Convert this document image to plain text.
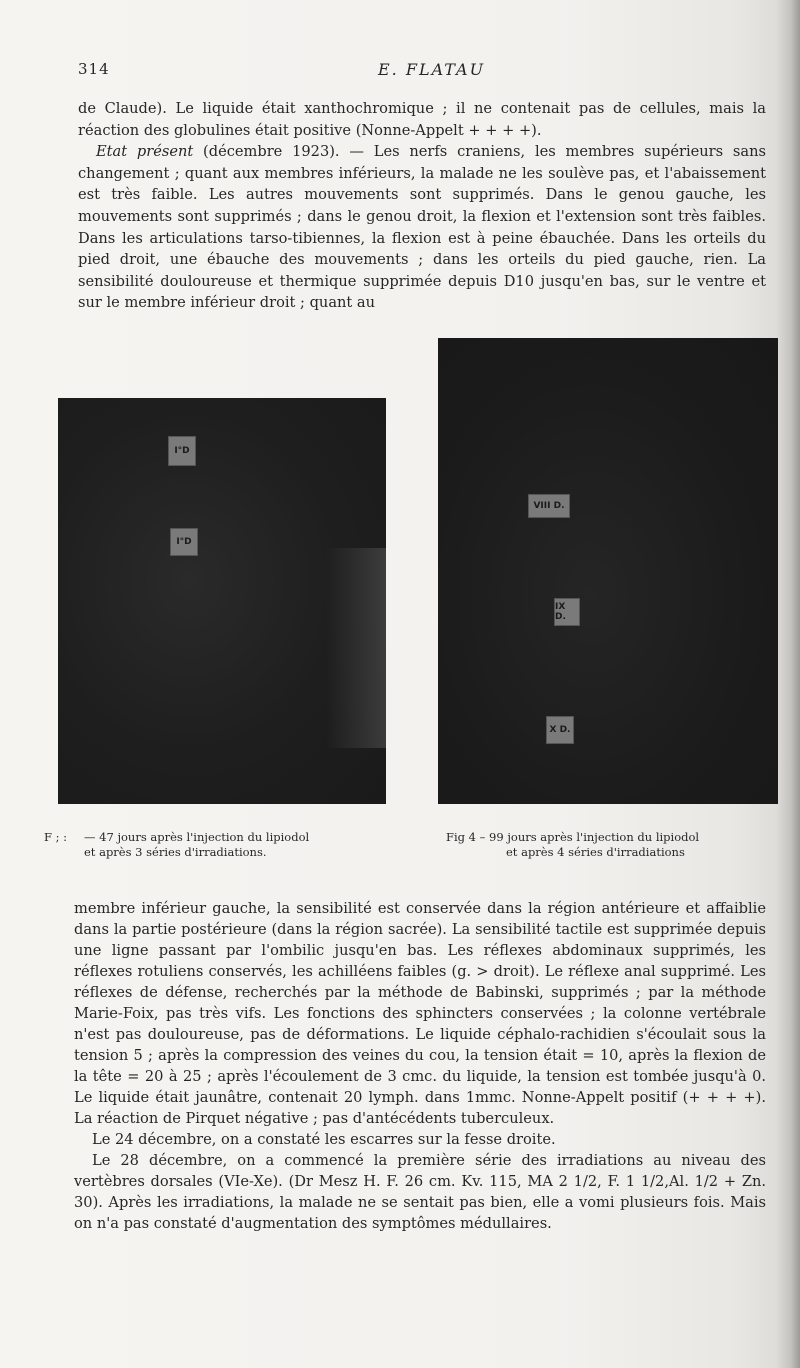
314	E. FLATAU

de Claude). Le liquide était xanthochromique ; il ne contenait pas de cellules, mais la réaction des globulines était positive (Nonne-Appelt + + + +).

Etat présent (décembre 1923). — Les nerfs craniens, les membres supérieurs sans changement ; quant aux membres inférieurs, la malade ne les soulève pas, et l'abaissement est très faible. Les autres mouvements sont supprimés. Dans le genou gauche, les mouvements sont supprimés ; dans le genou droit, la flexion et l'extension sont très faibles. Dans les articulations tarso-tibiennes, la flexion est à peine ébauchée. Dans les orteils du pied droit, une ébauche des mouvements ; dans les orteils du pied gauche, rien. La sensibilité douloureuse et thermique supprimée depuis D10 jusqu'en bas, sur le ventre et sur le membre inférieur droit ; quant au

I°D
I°D
VIII D.
IX D.
X D.
F ; :	— 47 jours après l'injection du lipiodol
et après 3 séries d'irradiations.
Fig 4 – 99 jours après l'injection du lipiodol
et après 4 séries d'irradiations

membre inférieur gauche, la sensibilité est conservée dans la région antérieure et affaiblie dans la partie postérieure (dans la région sacrée). La sensibilité tactile est supprimée depuis une ligne passant par l'ombilic jusqu'en bas. Les réflexes abdominaux supprimés, les réflexes rotuliens conservés, les achilléens faibles (g. > droit). Le réflexe anal supprimé. Les réflexes de défense, recherchés par la méthode de Babinski, supprimés ; par la méthode Marie-Foix, pas très vifs. Les fonctions des sphincters conservées ; la colonne vertébrale n'est pas douloureuse, pas de déformations. Le liquide céphalo-rachidien s'écoulait sous la tension 5 ; après la compression des veines du cou, la tension était = 10, après la flexion de la tête = 20 à 25 ; après l'écoulement de 3 cmc. du liquide, la tension est tombée jusqu'à 0. Le liquide était jaunâtre, contenait 20 lymph. dans 1mmc. Nonne-Appelt positif (+ + + +). La réaction de Pirquet négative ; pas d'antécédents tuberculeux.

Le 24 décembre, on a constaté les escarres sur la fesse droite.

Le 28 décembre, on a commencé la première série des irradiations au niveau des vertèbres dorsales (VIe-Xe). (Dr Mesz H. F. 26 cm. Kv. 115, MA 2 1/2, F. 1 1/2,Al. 1/2 + Zn. 30). Après les irradiations, la malade ne se sentait pas bien, elle a vomi plusieurs fois. Mais on n'a pas constaté d'augmentation des symptômes médullaires.
